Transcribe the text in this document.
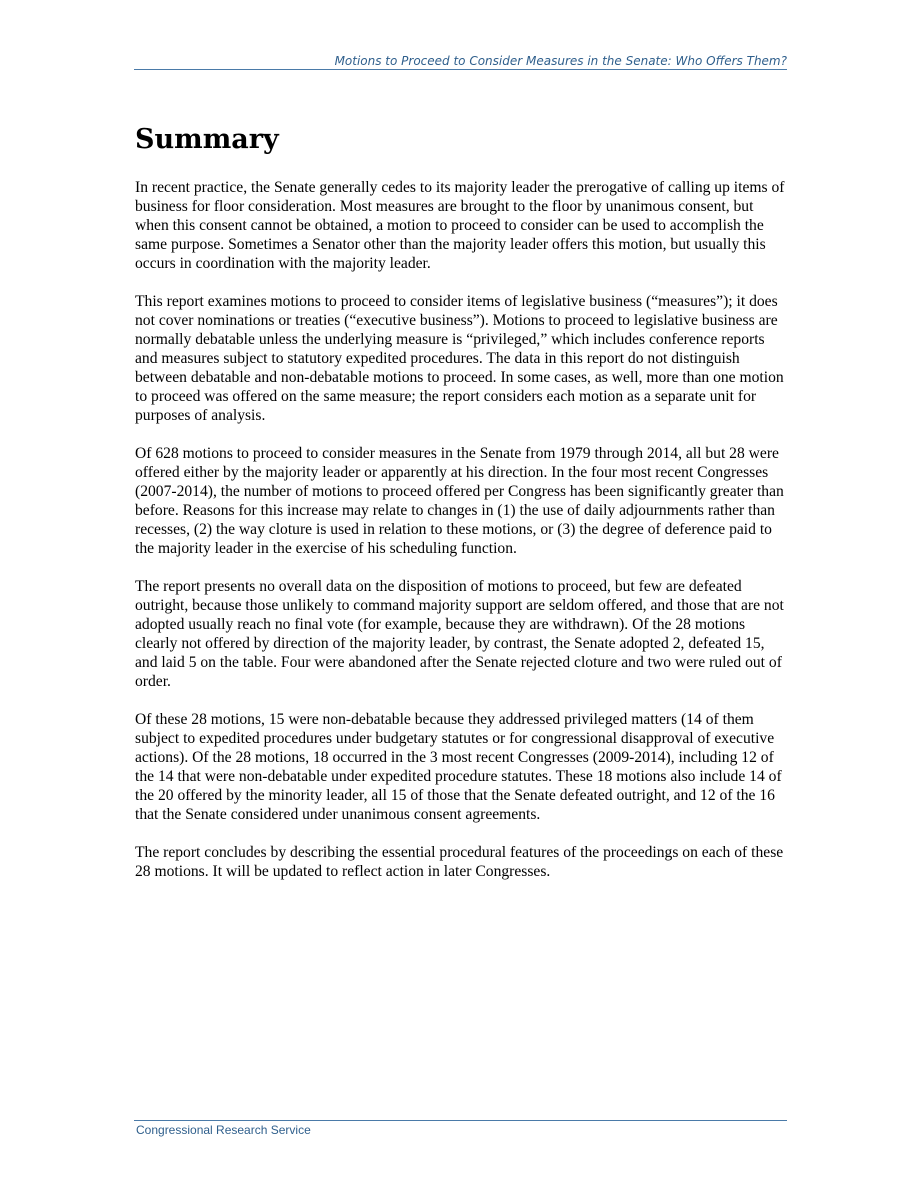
Motions to Proceed to Consider Measures in the Senate: Who Offers Them?
Summary

In recent practice, the Senate generally cedes to its majority leader the prerogative of calling up items of business for floor consideration. Most measures are brought to the floor by unanimous consent, but when this consent cannot be obtained, a motion to proceed to consider can be used to accomplish the same purpose. Sometimes a Senator other than the majority leader offers this motion, but usually this occurs in coordination with the majority leader.

This report examines motions to proceed to consider items of legislative business (“measures”); it does not cover nominations or treaties (“executive business”). Motions to proceed to legislative business are normally debatable unless the underlying measure is “privileged,” which includes conference reports and measures subject to statutory expedited procedures. The data in this report do not distinguish between debatable and non-debatable motions to proceed. In some cases, as well, more than one motion to proceed was offered on the same measure; the report considers each motion as a separate unit for purposes of analysis.

Of 628 motions to proceed to consider measures in the Senate from 1979 through 2014, all but 28 were offered either by the majority leader or apparently at his direction. In the four most recent Congresses (2007-2014), the number of motions to proceed offered per Congress has been significantly greater than before. Reasons for this increase may relate to changes in (1) the use of daily adjournments rather than recesses, (2) the way cloture is used in relation to these motions, or (3) the degree of deference paid to the majority leader in the exercise of his scheduling function.

The report presents no overall data on the disposition of motions to proceed, but few are defeated outright, because those unlikely to command majority support are seldom offered, and those that are not adopted usually reach no final vote (for example, because they are withdrawn). Of the 28 motions clearly not offered by direction of the majority leader, by contrast, the Senate adopted 2, defeated 15, and laid 5 on the table. Four were abandoned after the Senate rejected cloture and two were ruled out of order.

Of these 28 motions, 15 were non-debatable because they addressed privileged matters (14 of them subject to expedited procedures under budgetary statutes or for congressional disapproval of executive actions). Of the 28 motions, 18 occurred in the 3 most recent Congresses (2009-2014), including 12 of the 14 that were non-debatable under expedited procedure statutes. These 18 motions also include 14 of the 20 offered by the minority leader, all 15 of those that the Senate defeated outright, and 12 of the 16 that the Senate considered under unanimous consent agreements.

The report concludes by describing the essential procedural features of the proceedings on each of these 28 motions. It will be updated to reflect action in later Congresses.

Congressional Research Service
